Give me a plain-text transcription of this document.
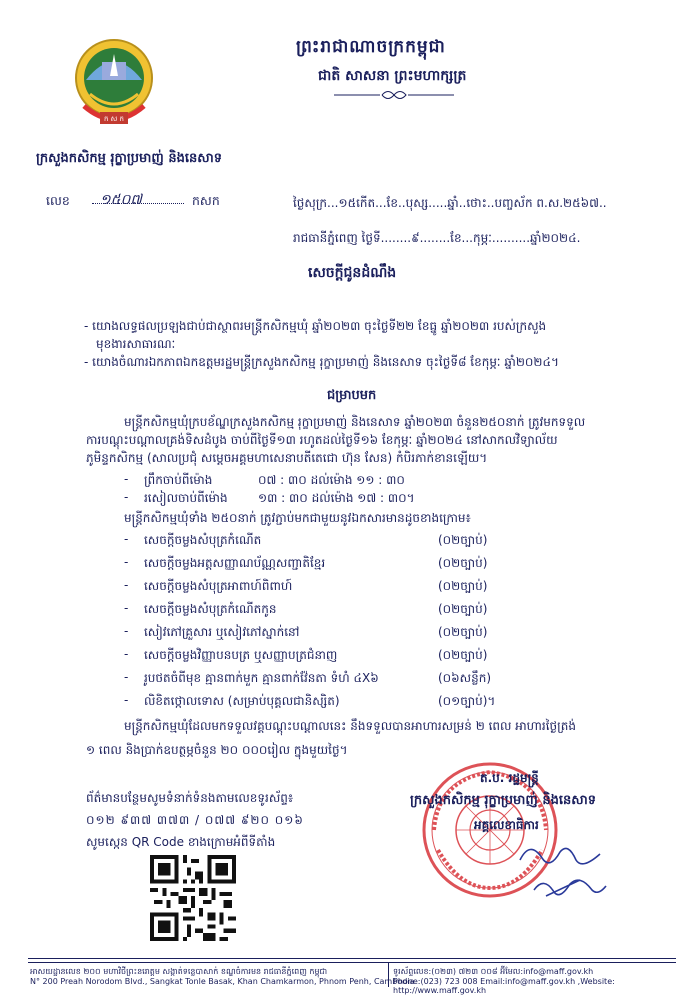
ក ស ក
ក្រសួងកសិកម្ម រុក្ខាប្រមាញ់ និងនេសាទ
ព្រះរាជាណាចក្រកម្ពុជា
ជាតិ សាសនា ព្រះមហាក្សត្រ
លេខ ១៥០៧	កសក	ថ្ងៃសុក្រ...១៥កើត...ខែ..បុស្ស.....ឆ្នាំ..ថោះ..បញ្ចស័ក ព.ស.២៥៦៧..
រាជធានីភ្នំពេញ ថ្ងៃទី........៩........ខែ...កុម្ភៈ..........ឆ្នាំ២០២៤.
សេចក្តីជូនដំណឹង
- យោងលទ្ធផលប្រឡងជាប់ជាស្ថាពរមន្ត្រីកសិកម្មឃុំ ឆ្នាំ២០២៣ ចុះថ្ងៃទី២២ ខែធ្នូ ឆ្នាំ២០២៣ របស់ក្រសួង
មុខងារសាធារណៈ
- យោងចំណារឯកភាពឯកឧត្តមរដ្ឋមន្ត្រីក្រសួងកសិកម្ម រុក្ខាប្រមាញ់ និងនេសាទ ចុះថ្ងៃទី៨ ខែកុម្ភៈ ឆ្នាំ២០២៤។
ជម្រាបមក
មន្ត្រីកសិកម្មឃុំក្របខ័ណ្ឌក្រសួងកសិកម្ម រុក្ខាប្រមាញ់ និងនេសាទ ឆ្នាំ២០២៣ ចំនួន២៥០នាក់ ត្រូវមកទទួល
ការបណ្តុះបណ្តាលគ្រង់ទិសដំបូង ចាប់ពីថ្ងៃទី១៣ រហូតដល់ថ្ងៃទី១៦ ខែកុម្ភៈ ឆ្នាំ២០២៤ នៅសាកលវិទ្យាល័យ
ភូមិន្ទកសិកម្ម (សាលប្រជុំ សម្តេចអគ្គមហាសេនាបតីតេជោ ហ៊ុន សែន) កំបិរភាក់ខានឡើយ។
- ព្រឹកចាប់ពីម៉ោង	០៧ : ៣០ ដល់ម៉ោង ១១ : ៣០
- រសៀលចាប់ពីម៉ោង	១៣ : ៣០ ដល់ម៉ោង ១៧ : ៣០។
មន្ត្រីកសិកម្មឃុំទាំង ២៥០នាក់ ត្រូវភ្ជាប់មកជាមួយនូវឯកសារមានដូចខាងក្រោម៖
- សេចក្តីចម្លងសំបុត្រកំណើត	(០២ច្បាប់)
- សេចក្តីចម្លងអត្តសញ្ញាណប័ណ្ណសញ្ជាតិខ្មែរ	(០២ច្បាប់)
- សេចក្តីចម្លងសំបុត្រអាពាហ៍ពិពាហ៍	(០២ច្បាប់)
- សេចក្តីចម្លងសំបុត្រកំណើតកូន	(០២ច្បាប់)
- សៀវភៅគ្រួសារ ឬសៀវភៅស្នាក់នៅ	(០២ច្បាប់)
- សេចក្តីចម្លងវិញ្ញាបនបត្រ ឬសញ្ញាបត្រជំនាញ	(០២ច្បាប់)
- រូបថតចំពីមុខ គ្មានពាក់មួក គ្មានពាក់វ៉ែនតា ទំហំ ៤X៦	(០៦សន្លឹក)
- លិខិតថ្កោលទោស (សម្រាប់បុគ្គលជានិស្សិត)	(០១ច្បាប់)។
មន្ត្រីកសិកម្មឃុំដែលមកទទួលវគ្គបណ្តុះបណ្តាលនេះ នឹងទទួលបានអាហារសម្រន់ ២ ពេល អាហារថ្ងៃត្រង់
១ ពេល និងប្រាក់ឧបត្ថម្ភចំនួន ២០ ០០០រៀល ក្នុងមួយថ្ងៃ។
ព័ត៌មានបន្ថែមសូមទំនាក់ទំនងតាមលេខទូរស័ព្ទ៖
០១២ ៩៣៧ ៣៧៣ / ០៧៧ ៩២០ ០១៦
សូមស្កេន QR Code ខាងក្រោមអំពីទីតាំង
ត.ប. រដ្ឋមន្ត្រី
ក្រសួងកសិកម្ម រុក្ខាប្រមាញ់ និងនេសាទ
អគ្គលេខាធិការ
អាសយដ្ឋានលេខ ២០០ មហាវិថីព្រះនរោត្តម សង្កាត់ទន្លេបាសាក់ ខណ្ឌចំការមន រាជធានីភ្នំពេញ កម្ពុជា
N° 200 Preah Norodom Blvd., Sangkat Tonle Basak, Khan Chamkarmon, Phnom Penh, Cambodia
ទូរស័ព្ទលេខ:(០២៣) ៧២៣ ០០៨ អ៊ីមែល:info@maff.gov.kh
Phone:(023) 723 008 Email:info@maff.gov.kh ,Website: http://www.maff.gov.kh
